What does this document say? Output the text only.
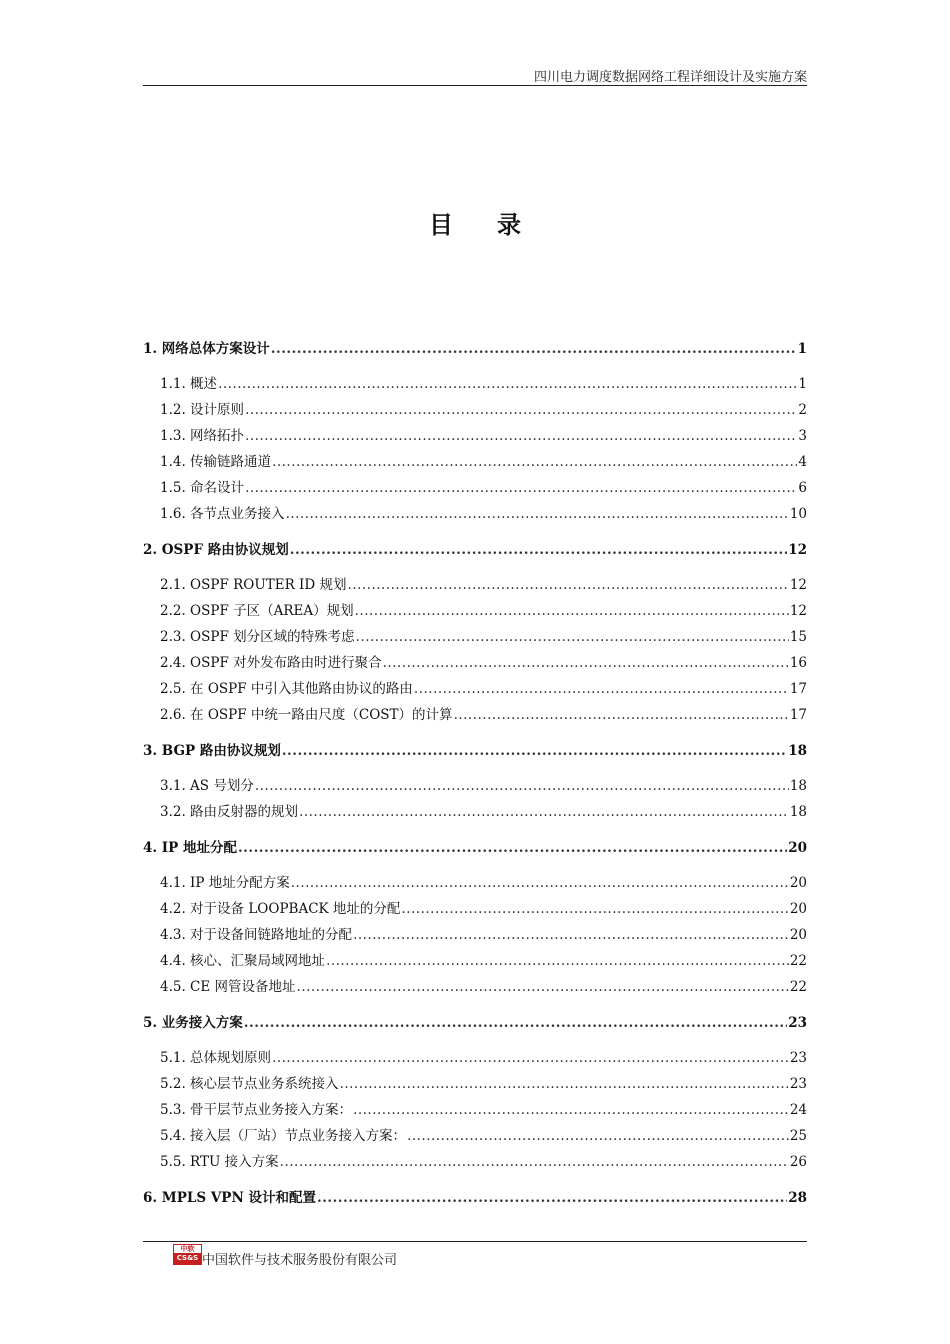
四川电力调度数据网络工程详细设计及实施方案
目录
1. 网络总体方案设计 .....	1
1.1. 概述 .....	1
1.2. 设计原则 .....	2
1.3. 网络拓扑 .....	3
1.4. 传输链路通道 .....	4
1.5. 命名设计 .....	6
1.6. 各节点业务接入 .....	10
2. OSPF 路由协议规划 .....	12
2.1. OSPF ROUTER ID 规划 .....	12
2.2. OSPF 子区（AREA）规划 .....	12
2.3. OSPF 划分区域的特殊考虑 .....	15
2.4. OSPF 对外发布路由时进行聚合 .....	16
2.5. 在 OSPF 中引入其他路由协议的路由 .....	17
2.6. 在 OSPF 中统一路由尺度（COST）的计算 .....	17
3. BGP 路由协议规划 .....	18
3.1. AS 号划分 .....	18
3.2. 路由反射器的规划 .....	18
4. IP 地址分配 .....	20
4.1. IP 地址分配方案 .....	20
4.2. 对于设备 LOOPBACK 地址的分配 .....	20
4.3. 对于设备间链路地址的分配 .....	20
4.4. 核心、汇聚局域网地址 .....	22
4.5. CE 网管设备地址 .....	22
5. 业务接入方案 .....	23
5.1. 总体规划原则 .....	23
5.2. 核心层节点业务系统接入 .....	23
5.3. 骨干层节点业务接入方案： .....	24
5.4. 接入层（厂站）节点业务接入方案： .....	25
5.5. RTU 接入方案 .....	26
6. MPLS VPN 设计和配置 .....	28
中软
CS&S 中国软件与技术服务股份有限公司
